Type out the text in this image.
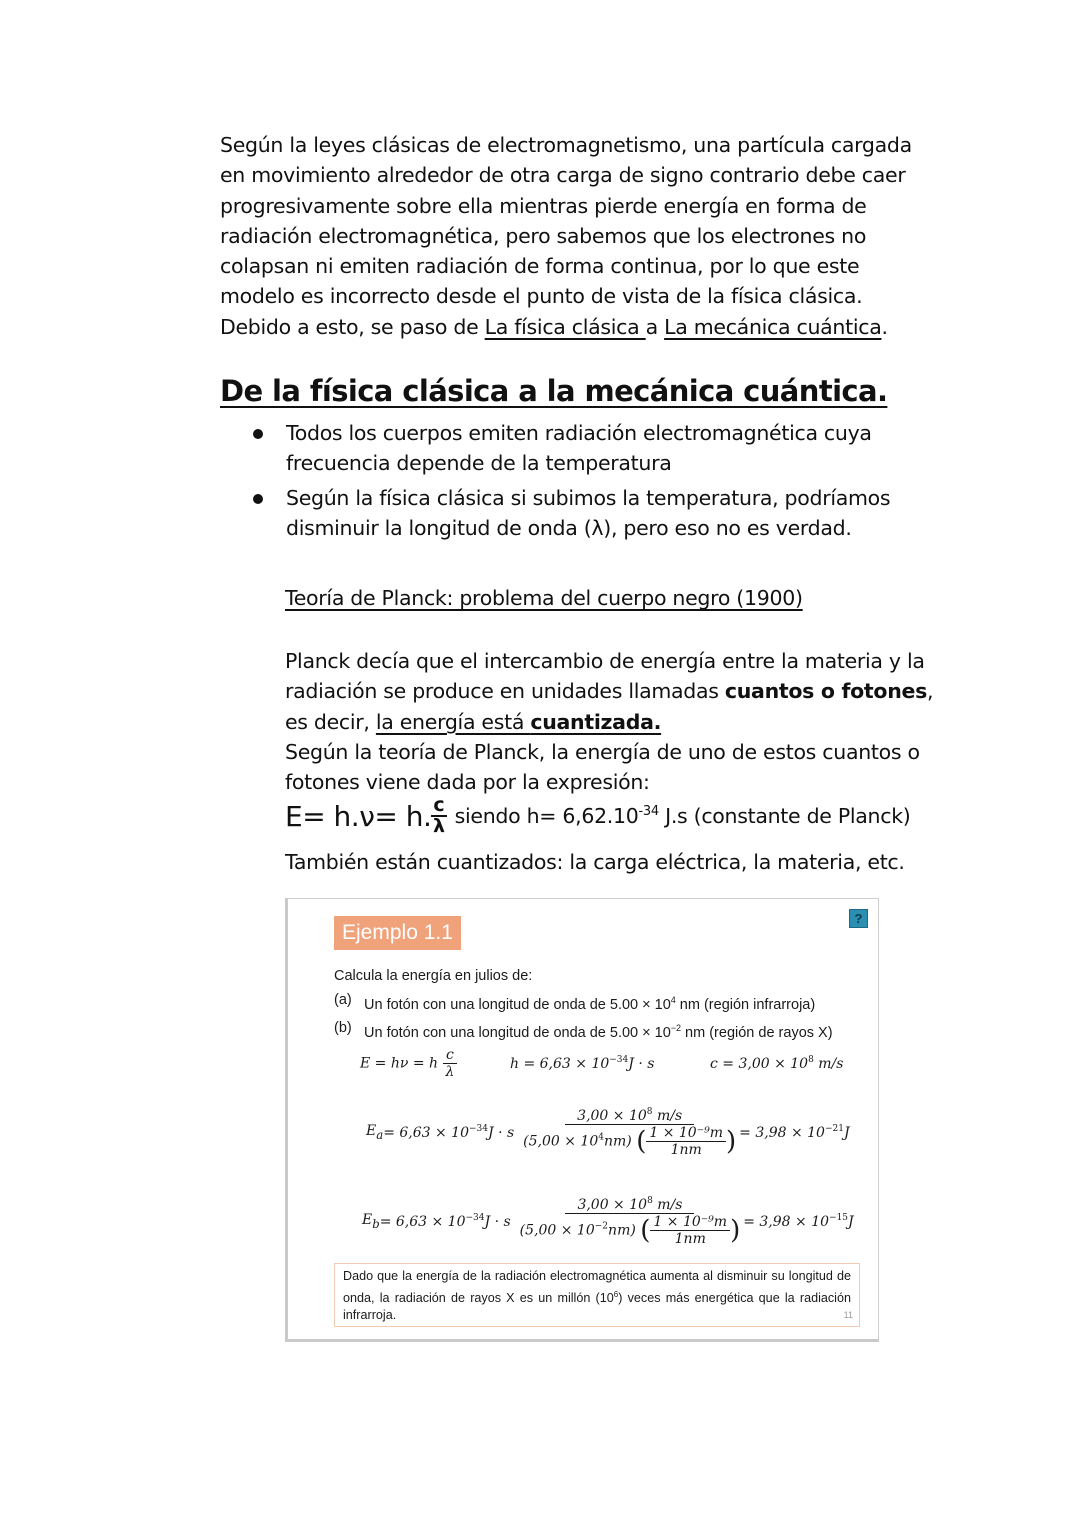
Según la leyes clásicas de electromagnetismo, una partícula cargada
en movimiento alrededor de otra carga de signo contrario debe caer
progresivamente sobre ella mientras pierde energía en forma de
radiación electromagnética, pero sabemos que los electrones no
colapsan ni emiten radiación de forma continua, por lo que este
modelo es incorrecto desde el punto de vista de la física clásica.
Debido a esto, se paso de La física clásica a La mecánica cuántica.
De la física clásica a la mecánica cuántica.
Todos los cuerpos emiten radiación electromagnética cuya
frecuencia depende de la temperatura
Según la física clásica si subimos la temperatura, podríamos
disminuir la longitud de onda (λ), pero eso no es verdad.
Teoría de Planck: problema del cuerpo negro (1900)
Planck decía que el intercambio de energía entre la materia y la
radiación se produce en unidades llamadas cuantos o fotones,
es decir, la energía está cuantizada.
Según la teoría de Planck, la energía de uno de estos cuantos o
fotones viene dada por la expresión:
E= h.ν= h. $\frac{c}{\lambda}$ siendo $h= 6,62.10^{-34}$ J.s (constante de Planck)
También están cuantizados: la carga eléctrica, la materia, etc.
Ejemplo 1.1
?
Calcula la energía en julios de:
(a) Un fotón con una longitud de onda de $5.00 \times 10^4$ nm (región infrarroja)
(b) Un fotón con una longitud de onda de $5.00 \times 10^{-2}$ nm (región de rayos X)
E = hν = h $\frac{c}{\lambda}$	$h = 6,63 \times 10^{-34}J \cdot s$	$c = 3,00 \times 10^8$ m/s
$E_a = 6,63 \times 10^{-34}J \cdot s \frac{3,00 \times 10^8 m/s}{(5,00 \times 10^4nm) ( \frac{\text{1 × 10⁻⁹m}}{1nm} )} = 3,98 \times 10^{-21}J$
$E_b = 6,63 \times 10^{-34}J \cdot s \frac{3,00 \times 10^8 m/s}{(5,00 \times 10^{-2}nm) ( \frac{\text{1 × 10⁻⁹m}}{1nm} )} = 3,98 \times 10^{-15}J$
Dado que la energía de la radiación electromagnética aumenta al disminuir su longitud de onda, la radiación de rayos X es un millón $(10^6)$ veces más energética que la radiación infrarroja.	11
